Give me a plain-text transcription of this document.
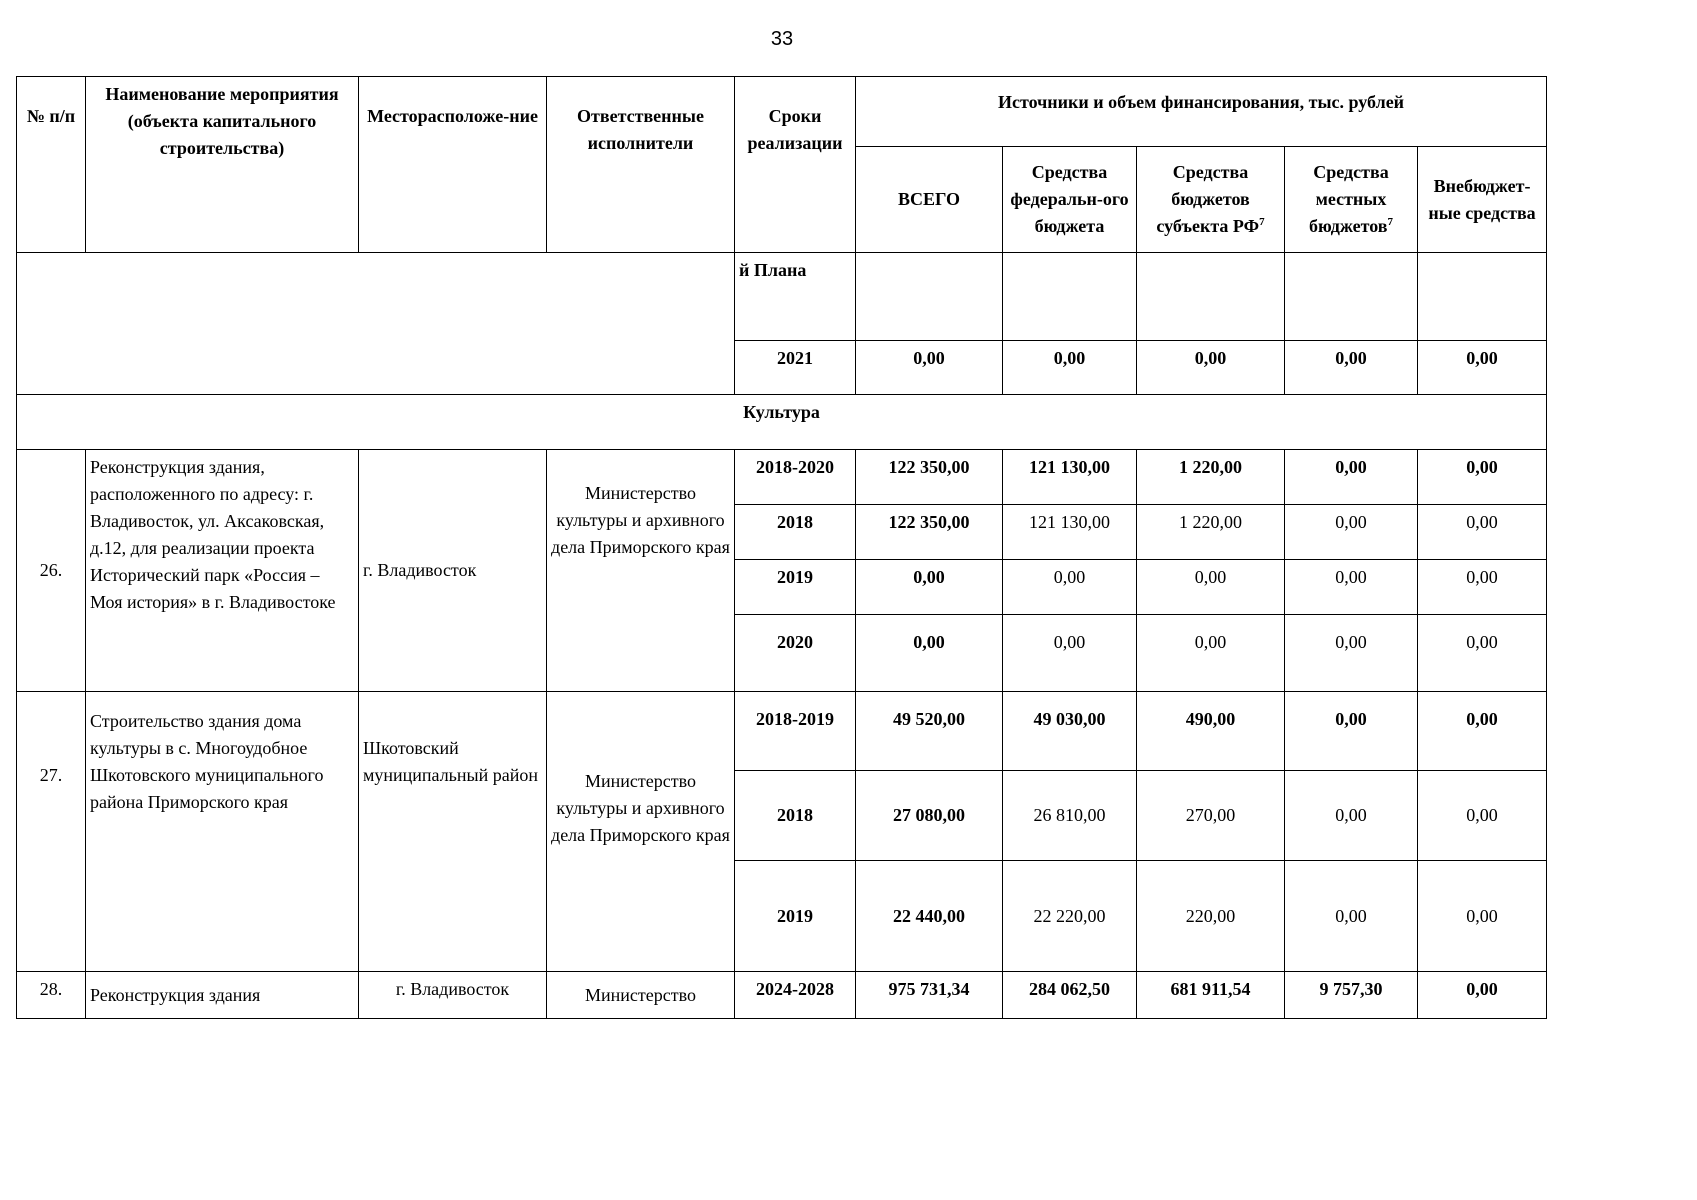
33
№ п/п	Наименование мероприятия (объекта капитального строительства)	Месторасположе-ние	Ответственные исполнители	Сроки реализации	Источники и объем финансирования, тыс. рублей				
					ВСЕГО	Средства федеральн-ого бюджета	Средства бюджетов субъекта $РФ^7$	Средства местных бюджетов$^7$	Внебюджет-ные средства
				й Плана					
				2021	0,00	0,00	0,00	0,00	0,00
Культура									
26.	Реконструкция здания, расположенного по адресу: г. Владивосток, ул. Аксаковская, д.12, для реализации проекта Исторический парк «Россия – Моя история» в г. Владивостоке	г. Владивосток	Министерство культуры и архивного дела Приморского края	2018-2020	122 350,00	121 130,00	1 220,00	0,00	0,00
				2018	122 350,00	121 130,00	1 220,00	0,00	0,00
				2019	0,00	0,00	0,00	0,00	0,00
				2020	0,00	0,00	0,00	0,00	0,00
27.	Строительство здания дома культуры в с. Многоудобное Шкотовского муниципального района Приморского края	Шкотовский муниципальный район	Министерство культуры и архивного дела Приморского края	2018-2019	49 520,00	49 030,00	490,00	0,00	0,00
				2018	27 080,00	26 810,00	270,00	0,00	0,00
				2019	22 440,00	22 220,00	220,00	0,00	0,00
28.	Реконструкция здания	г. Владивосток	Министерство	2024-2028	975 731,34	284 062,50	681 911,54	9 757,30	0,00
